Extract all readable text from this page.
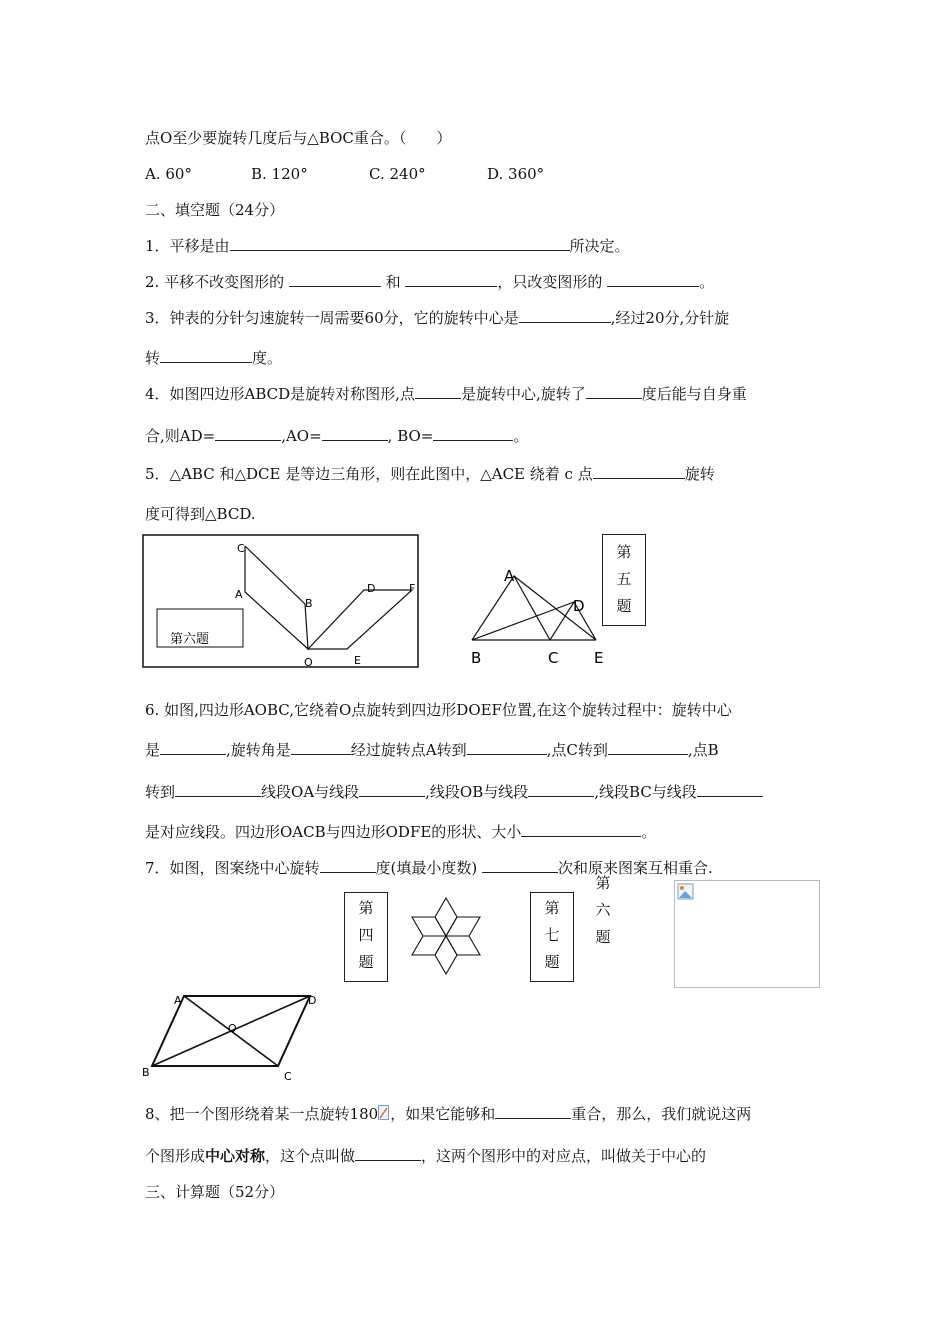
点O至少要旋转几度后与△BOC重合。（　　）
A. 60°	B. 120°	C. 240°	D. 360°
二、填空题（24分）
1．平移是由	所决定。
2. 平移不改变图形的	和	，只改变图形的	。
3．钟表的分针匀速旋转一周需要60分，它的旋转中心是	,经过20分,分针旋
转	度。
4．如图四边形ABCD是旋转对称图形,点	是旋转中心,旋转了	度后能与自身重
合,则AD=	,AO=	, BO=	。
5．△ABC 和△DCE 是等边三角形，则在此图中，△ACE 绕着 c 点	旋转
度可得到△BCD.
第六题
C
A
B
D	F
O	E
A
D
B	C E
第
五
题
6. 如图,四边形AOBC,它绕着O点旋转到四边形DOEF位置,在这个旋转过程中：旋转中心
是	,旋转角是	经过旋转点A转到	,点C转到	,点B
转到	线段OA与线段	,线段OB与线段	,线段BC与线段
是对应线段。四边形OACB与四边形ODFE的形状、大小	。
7．如图，图案绕中心旋转	度(填最小度数)	次和原来图案互相重合.
第
四
题
第
七
题
第
六
题
A	D
O
B	C
8、把一个图形绕着某一点旋转180 ，如果它能够和	重合，那么，我们就说这两
个图形成中心对称，这个点叫做	，这两个图形中的对应点，叫做关于中心的
三、计算题（52分）
